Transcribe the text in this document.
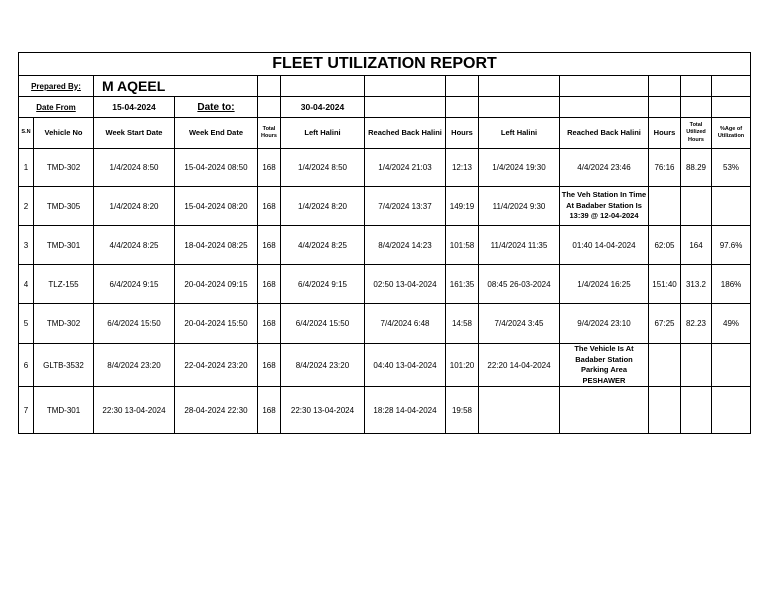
FLEET UTILIZATION REPORT												
Prepared By:		M AQEEL										
Date From		15-04-2024	Date to:		30-04-2024							
S.N	Vehicle No	Week Start Date	Week End Date	Total Hours	Left Halini	Reached Back Halini	Hours	Left Halini	Reached Back Halini	Hours	Total Utilized Hours	%Age of Utilization
1	TMD-302	1/4/2024 8:50	15-04-2024 08:50	168	1/4/2024 8:50	1/4/2024 21:03	12:13	1/4/2024 19:30	4/4/2024 23:46	76:16	88.29	53%
2	TMD-305	1/4/2024 8:20	15-04-2024 08:20	168	1/4/2024 8:20	7/4/2024 13:37	149:19	11/4/2024 9:30	The Veh Station In Time At Badaber Station Is 13:39 @ 12-04-2024			
3	TMD-301	4/4/2024 8:25	18-04-2024 08:25	168	4/4/2024 8:25	8/4/2024 14:23	101:58	11/4/2024 11:35	01:40 14-04-2024	62:05	164	97.6%
4	TLZ-155	6/4/2024 9:15	20-04-2024 09:15	168	6/4/2024 9:15	02:50 13-04-2024	161:35	08:45 26-03-2024	1/4/2024 16:25	151:40	313.2	186%
5	TMD-302	6/4/2024 15:50	20-04-2024 15:50	168	6/4/2024 15:50	7/4/2024 6:48	14:58	7/4/2024 3:45	9/4/2024 23:10	67:25	82.23	49%
6	GLTB-3532	8/4/2024 23:20	22-04-2024 23:20	168	8/4/2024 23:20	04:40 13-04-2024	101:20	22:20 14-04-2024	The Vehicle Is At Badaber Station Parking Area PESHAWER			
7	TMD-301	22:30 13-04-2024	28-04-2024 22:30	168	22:30 13-04-2024	18:28 14-04-2024	19:58					
